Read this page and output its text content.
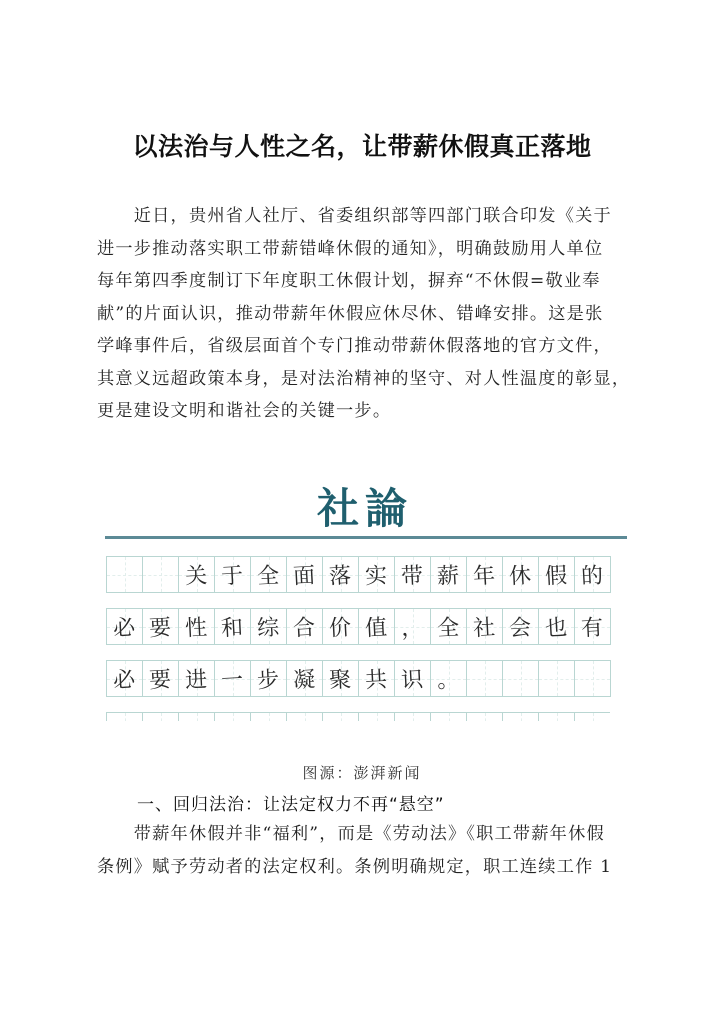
以法治与人性之名，让带薪休假真正落地
　　近日，贵州省人社厅、省委组织部等四部门联合印发《关于
进一步推动落实职工带薪错峰休假的通知》，明确鼓励用人单位
每年第四季度制订下年度职工休假计划，摒弃“不休假=敬业奉
献”的片面认识，推动带薪年休假应休尽休、错峰安排。这是张
学峰事件后，省级层面首个专门推动带薪休假落地的官方文件，
其意义远超政策本身，是对法治精神的坚守、对人性温度的彰显，
更是建设文明和谐社会的关键一步。
社論
关 于 全 面 落 实 带 薪 年 休 假 的
必 要 性 和 综 合 价 值 ， 全 社 会 也 有
必 要 进 一 步 凝 聚 共 识 。
图源：澎湃新闻
一、回归法治：让法定权力不再“悬空”
　　带薪年休假并非“福利”，而是《劳动法》《职工带薪年休假
条例》赋予劳动者的法定权利。条例明确规定，职工连续工作 1
